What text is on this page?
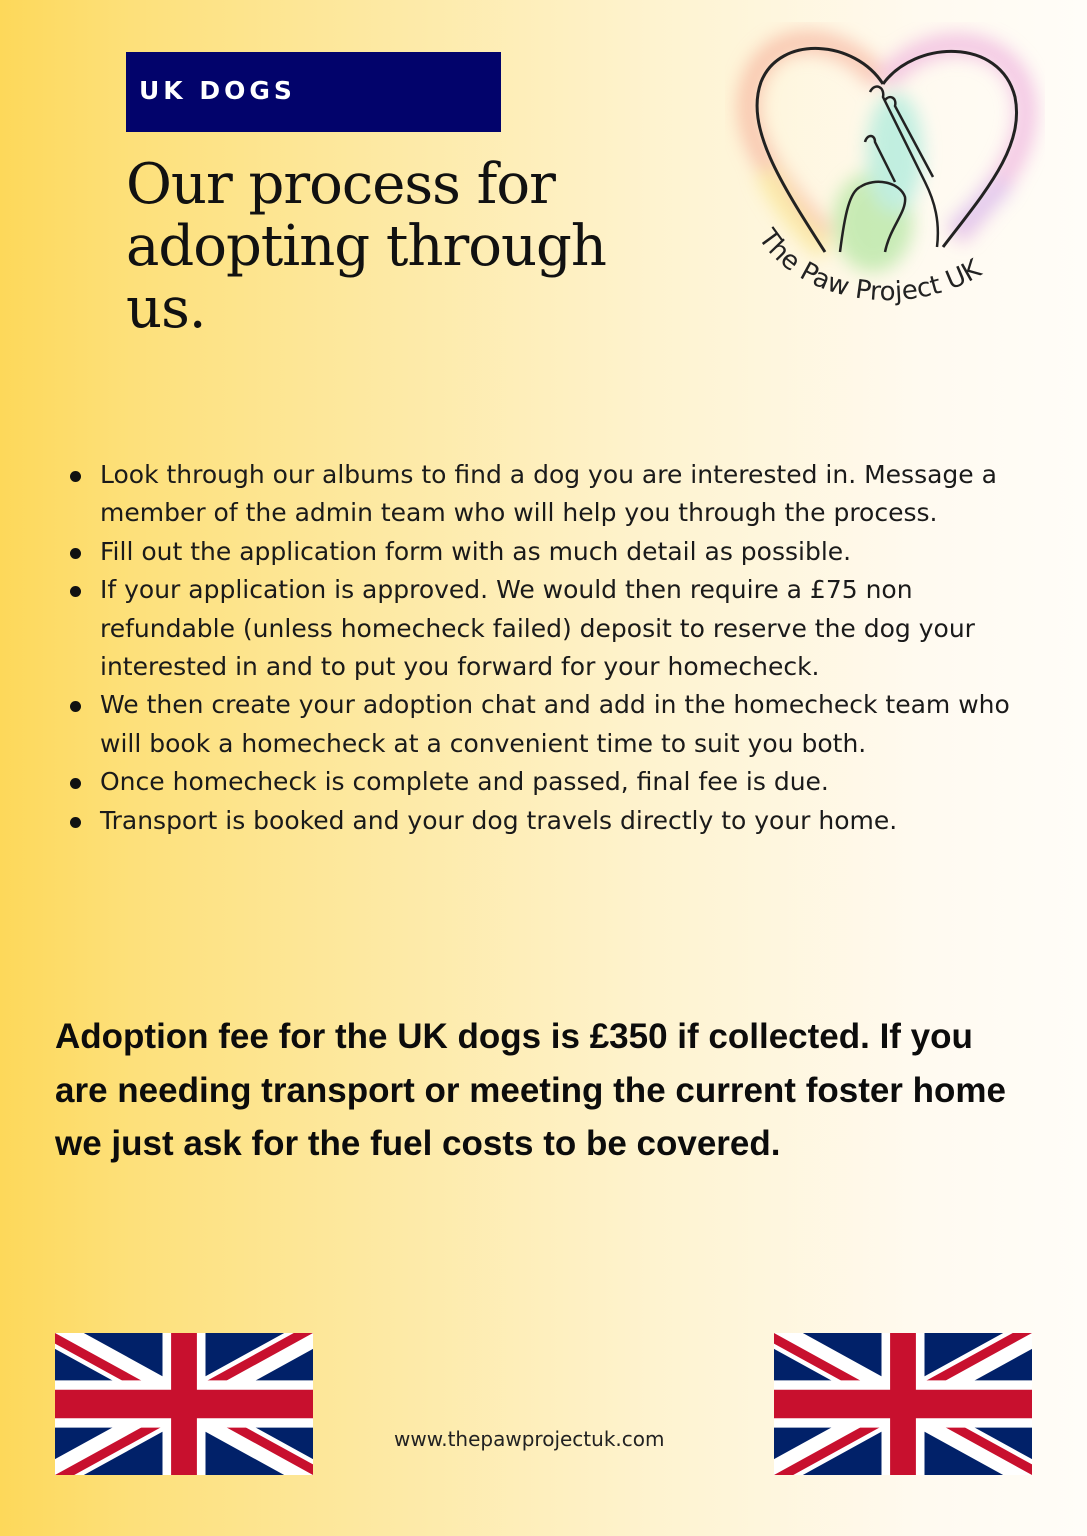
UK DOGS
Our process for adopting through us.
The Paw Project UK
Look through our albums to find a dog you are interested in. Message a member of the admin team who will help you through the process.
Fill out the application form with as much detail as possible.
If your application is approved. We would then require a £75 non refundable (unless homecheck failed) deposit to reserve the dog your interested in and to put you forward for your homecheck.
We then create your adoption chat and add in the homecheck team who will book a homecheck at a convenient time to suit you both.
Once homecheck is complete and passed, final fee is due.
Transport is booked and your dog travels directly to your home.

Adoption fee for the UK dogs is £350 if collected. If you are needing transport or meeting the current foster home we just ask for the fuel costs to be covered.

www.thepawprojectuk.com
